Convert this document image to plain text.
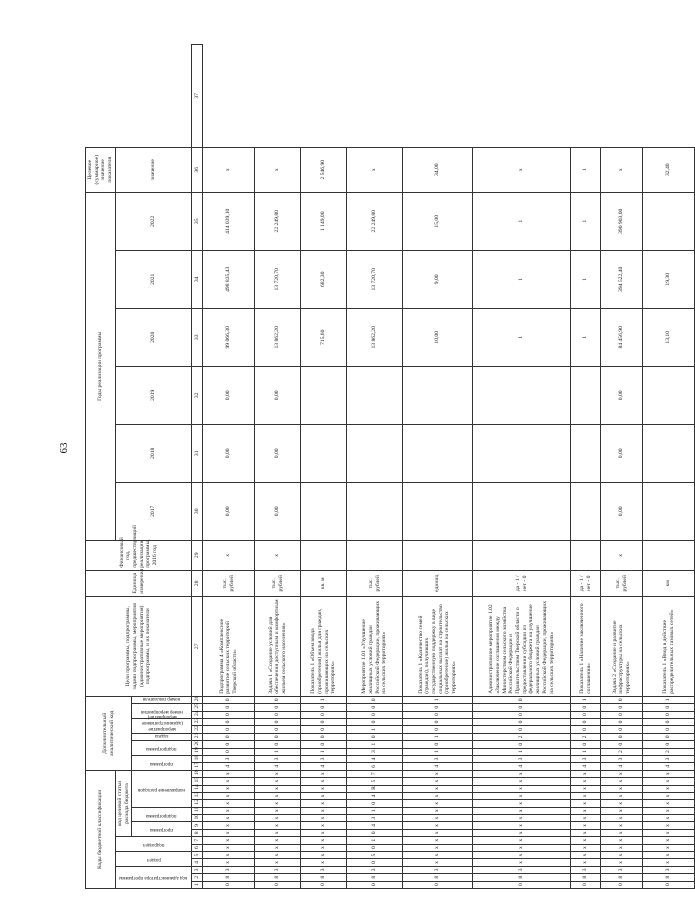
63
Коды бюджетной классификации																Дополнительный аналитический код										Цели программы, подпрограммы, задачи подпрограммы, мероприятия (административные мероприятия) подпрограммы, и их показатели	Единица измерения	Финансовый год, предшествующий реализации программы, 2016 год	Годы реализации программы						Целевое (суммарное) значение показателя	

код администратора программы			раздел		подраздел		код целевой статьи расхода бюджета																						2017	2018	2019	2020	2021	2022	значение	

							программа		подпрограмма		направление расходов					программа		подпрограмма		задача	мероприятие (административное мероприятие)		номер мероприятия		номер показателя											

1	2	3	4	5	6	7	8	9	10	11	12	13	14	15	16	17	18	19	20	21	22	23	24	25	26	27	28	29	30	31	32	33	34	35	36	37
0	8	3	х	х	х	х	х	х	х	х	х	х	х	х	х	4	3	0	0	0	0	0	0	0	0	Подпрограмма 4 «Комплексное развитие сельских территорий Тверской области»	тыс. рублей	х	0,00	0,00	0,00	99 066,30	498 835,43	414 039,10	х	
0	8	3	х	х	х	х	х	х	х	х	х	х	х	х	х	4	3	1	0	0	0	0	0	0	0	Задача 1 «Создание условий для обеспечения доступным и комфортным жильем сельского населения»	тыс. рублей	х	0,00	0,00	0,00	13 862,20	13 720,70	22 249,80	х	
0	8	3	х	х	х	х	х	х	х	х	х	х	х	х	х	4	3	1	0	0	0	0	0	0	1	Показатель 1 «Объем ввода (приобретения) жилья для граждан, проживающих на сельских территориях»	кв. м					715,60	682,30	1 149,00	2 546,90	
0	8	3	0	5	0	1	0	4	3	1	0	4	R	5	7	6	4	3	1	0	1	0	0	0	0	Мероприятие 1.01 «Улучшение жилищных условий граждан Российской Федерации, проживающих на сельских территориях»	тыс. рублей					13 862,20	13 720,70	22 249,80	х	
0	8	3	х	х	х	х	х	х	х	х	х	х	х	х	х	4	3	1	0	1	0	0	0	0	1	Показатель 1 «Количество семей (граждан), получивших государственную поддержку в виде социальных выплат на строительство (приобретение) жилья на сельских территориях»	единиц					10,00	9,00	15,00	34,00	
0	8	3	х	х	х	х	х	х	х	х	х	х	х	х	х	4	3	1	0	2	0	0	0	0	0	Административное мероприятие 1.02 «Заключение соглашения между Министерством сельского хозяйства Российской Федерации и Правительством Тверской области о предоставлении субсидии из федерального бюджета на улучшение жилищных условий граждан Российской Федерации, проживающих на сельских территориях»	да - 1 / нет - 0					1	1	1	х	
0	8	3	х	х	х	х	х	х	х	х	х	х	х	х	х	4	3	1	0	2	0	0	0	0	1	Показатель 1 «Наличие заключенного соглашения»	да - 1 / нет - 0					1	1	1	1	
0	8	3	х	х	х	х	х	х	х	х	х	х	х	х	х	4	3	2	0	0	0	0	0	0	0	Задача 2 «Создание и развитие инфраструктуры на сельских территориях»	тыс. рублей	х	0,00	0,00	0,00	84 456,90	394 522,40	390 903,00	х	
0	8	3	х	х	х	х	х	х	х	х	х	х	х	х	х	4	3	2	0	0	0	0	0	0	1	Показатель 1 «Ввод в действие распределительных газовых сетей»	км					13,10	19,30		32,40	
